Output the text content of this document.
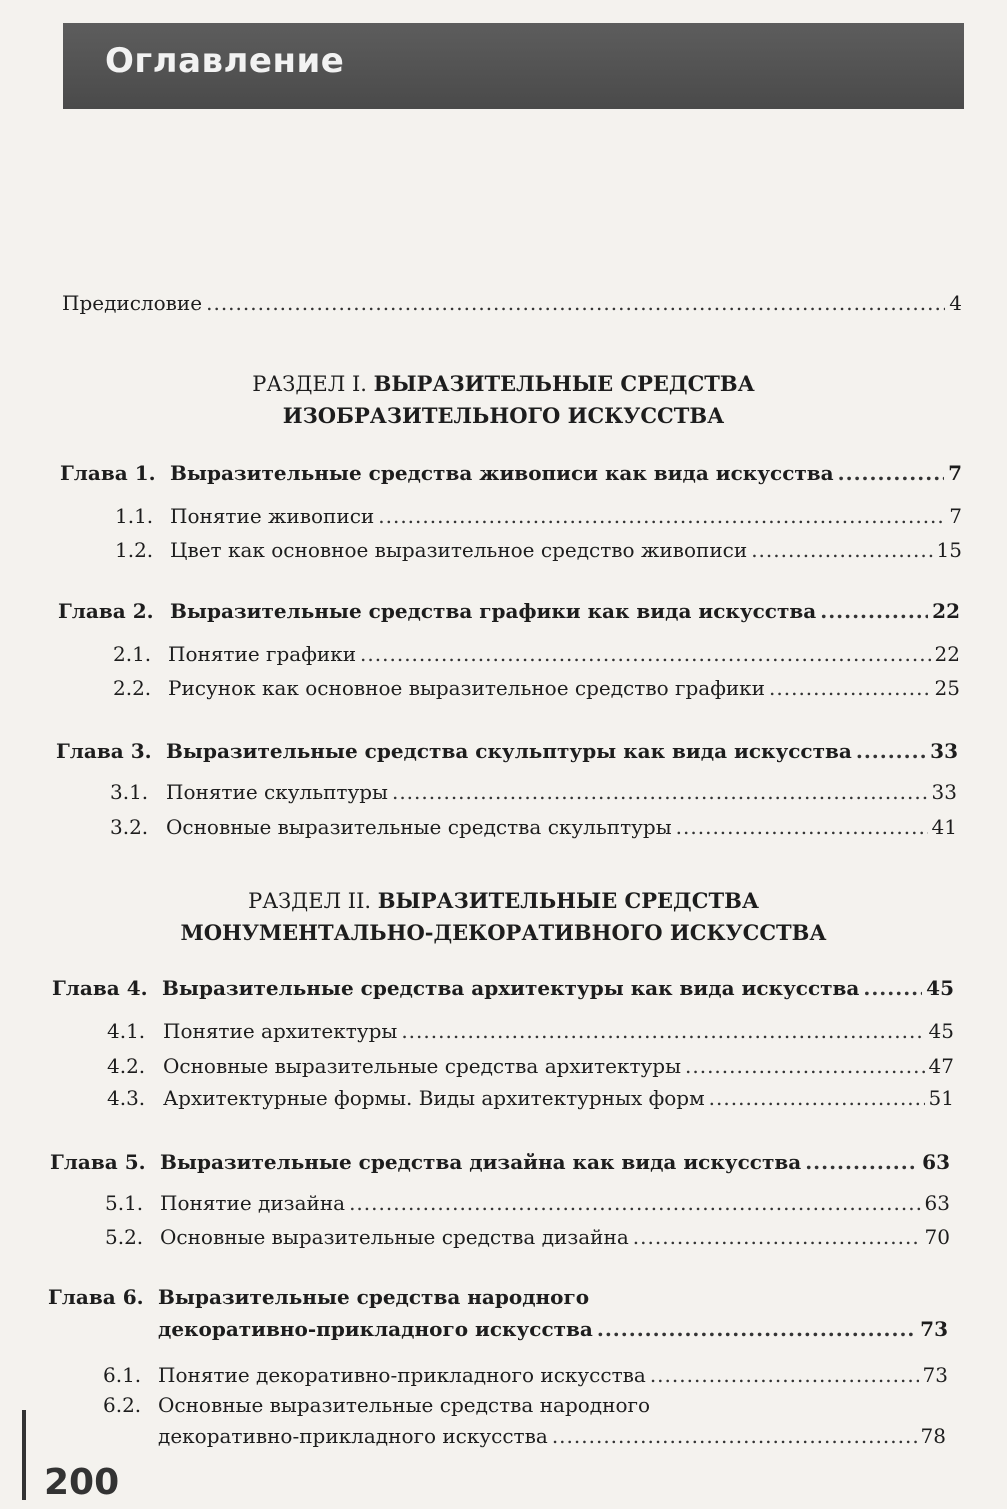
Оглавление
Предисловие .....	4
РАЗДЕЛ I. ВЫРАЗИТЕЛЬНЫЕ СРЕДСТВА
ИЗОБРАЗИТЕЛЬНОГО ИСКУССТВА
Глава 1. Выразительные средства живописи как вида искусства .....	7
1.1. Понятие живописи .....	7
1.2. Цвет как основное выразительное средство живописи .....	15
Глава 2. Выразительные средства графики как вида искусства .....	22
2.1. Понятие графики .....	22
2.2. Рисунок как основное выразительное средство графики .....	25
Глава 3. Выразительные средства скульптуры как вида искусства .....	33
3.1. Понятие скульптуры .....	33
3.2. Основные выразительные средства скульптуры .....	41
РАЗДЕЛ II. ВЫРАЗИТЕЛЬНЫЕ СРЕДСТВА
МОНУМЕНТАЛЬНО-ДЕКОРАТИВНОГО ИСКУССТВА
Глава 4. Выразительные средства архитектуры как вида искусства .....	45
4.1. Понятие архитектуры .....	45
4.2. Основные выразительные средства архитектуры .....	47
4.3. Архитектурные формы. Виды архитектурных форм .....	51
Глава 5. Выразительные средства дизайна как вида искусства .....	63
5.1. Понятие дизайна .....	63
5.2. Основные выразительные средства дизайна .....	70
Глава 6. Выразительные средства народного
декоративно-прикладного искусства .....	73
6.1. Понятие декоративно-прикладного искусства .....	73
6.2. Основные выразительные средства народного
декоративно-прикладного искусства .....	78
200
